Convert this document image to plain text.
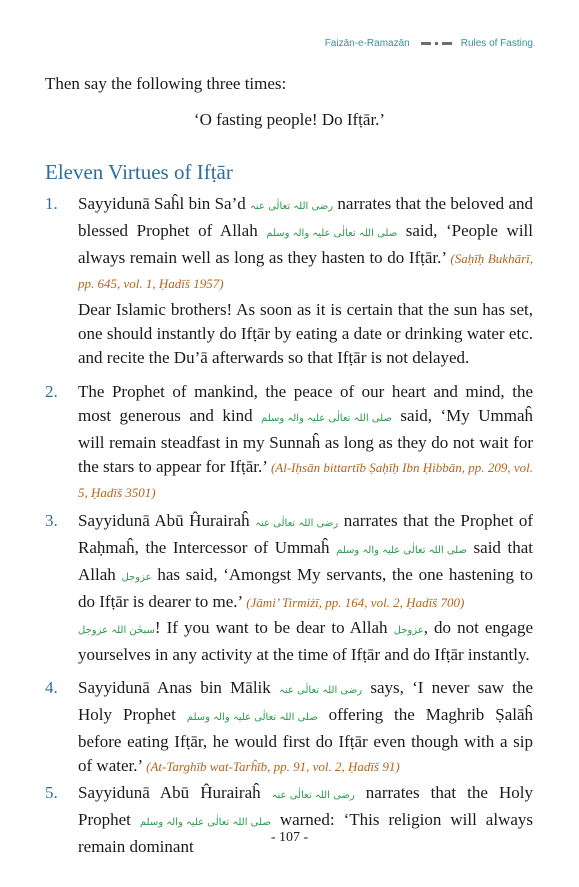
Faizān-e-Ramazān	Rules of Fasting
Then say the following three times:
‘O fasting people! Do Ifṭār.’
Eleven Virtues of Ifṭār
1. Sayyidunā Saĥl bin Sa’d رضی اللہ تعالٰی عنہ narrates that the beloved and blessed Prophet of Allah صلی اللہ تعالٰی علیہ والہ وسلم said, ‘People will always remain well as long as they hasten to do Ifṭār.’ (Saḥīḥ Bukhārī, pp. 645, vol. 1, Ḥadīš 1957)
Dear Islamic brothers! As soon as it is certain that the sun has set, one should instantly do Ifṭār by eating a date or drinking water etc. and recite the Du’ā afterwards so that Ifṭār is not delayed.
2. The Prophet of mankind, the peace of our heart and mind, the most generous and kind صلی اللہ تعالٰی علیہ والہ وسلم said, ‘My Ummaĥ will remain steadfast in my Sunnaĥ as long as they do not wait for the stars to appear for Ifṭār.’ (Al-Iḥsān bittartīb Ṣaḥīḥ Ibn Ḥibbān, pp. 209, vol. 5, Ḥadīš 3501)
3. Sayyidunā Abū Ĥurairaĥ رضی اللہ تعالٰی عنہ narrates that the Prophet of Raḥmaĥ, the Intercessor of Ummaĥ صلی اللہ تعالٰی علیہ والہ وسلم said that Allah عزوجل has said, ‘Amongst My servants, the one hastening to do Ifṭār is dearer to me.’ (Jāmi’ Tirmiżī, pp. 164, vol. 2, Ḥadīš 700)
سبحٰن اللہ عزوجل! If you want to be dear to Allah عزوجل, do not engage yourselves in any activity at the time of Ifṭār and do Ifṭār instantly.
4. Sayyidunā Anas bin Mālik رضی اللہ تعالٰی عنہ says, ‘I never saw the Holy Prophet صلی اللہ تعالٰی علیہ والہ وسلم offering the Maghrib Ṣalāĥ before eating Ifṭār, he would first do Ifṭār even though with a sip of water.’ (At-Targhīb wat-Tarĥīb, pp. 91, vol. 2, Ḥadīš 91)
5. Sayyidunā Abū Ĥurairaĥ رضی اللہ تعالٰی عنہ narrates that the Holy Prophet صلی اللہ تعالٰی علیہ والہ وسلم warned: ‘This religion will always remain dominant	- 107 -
